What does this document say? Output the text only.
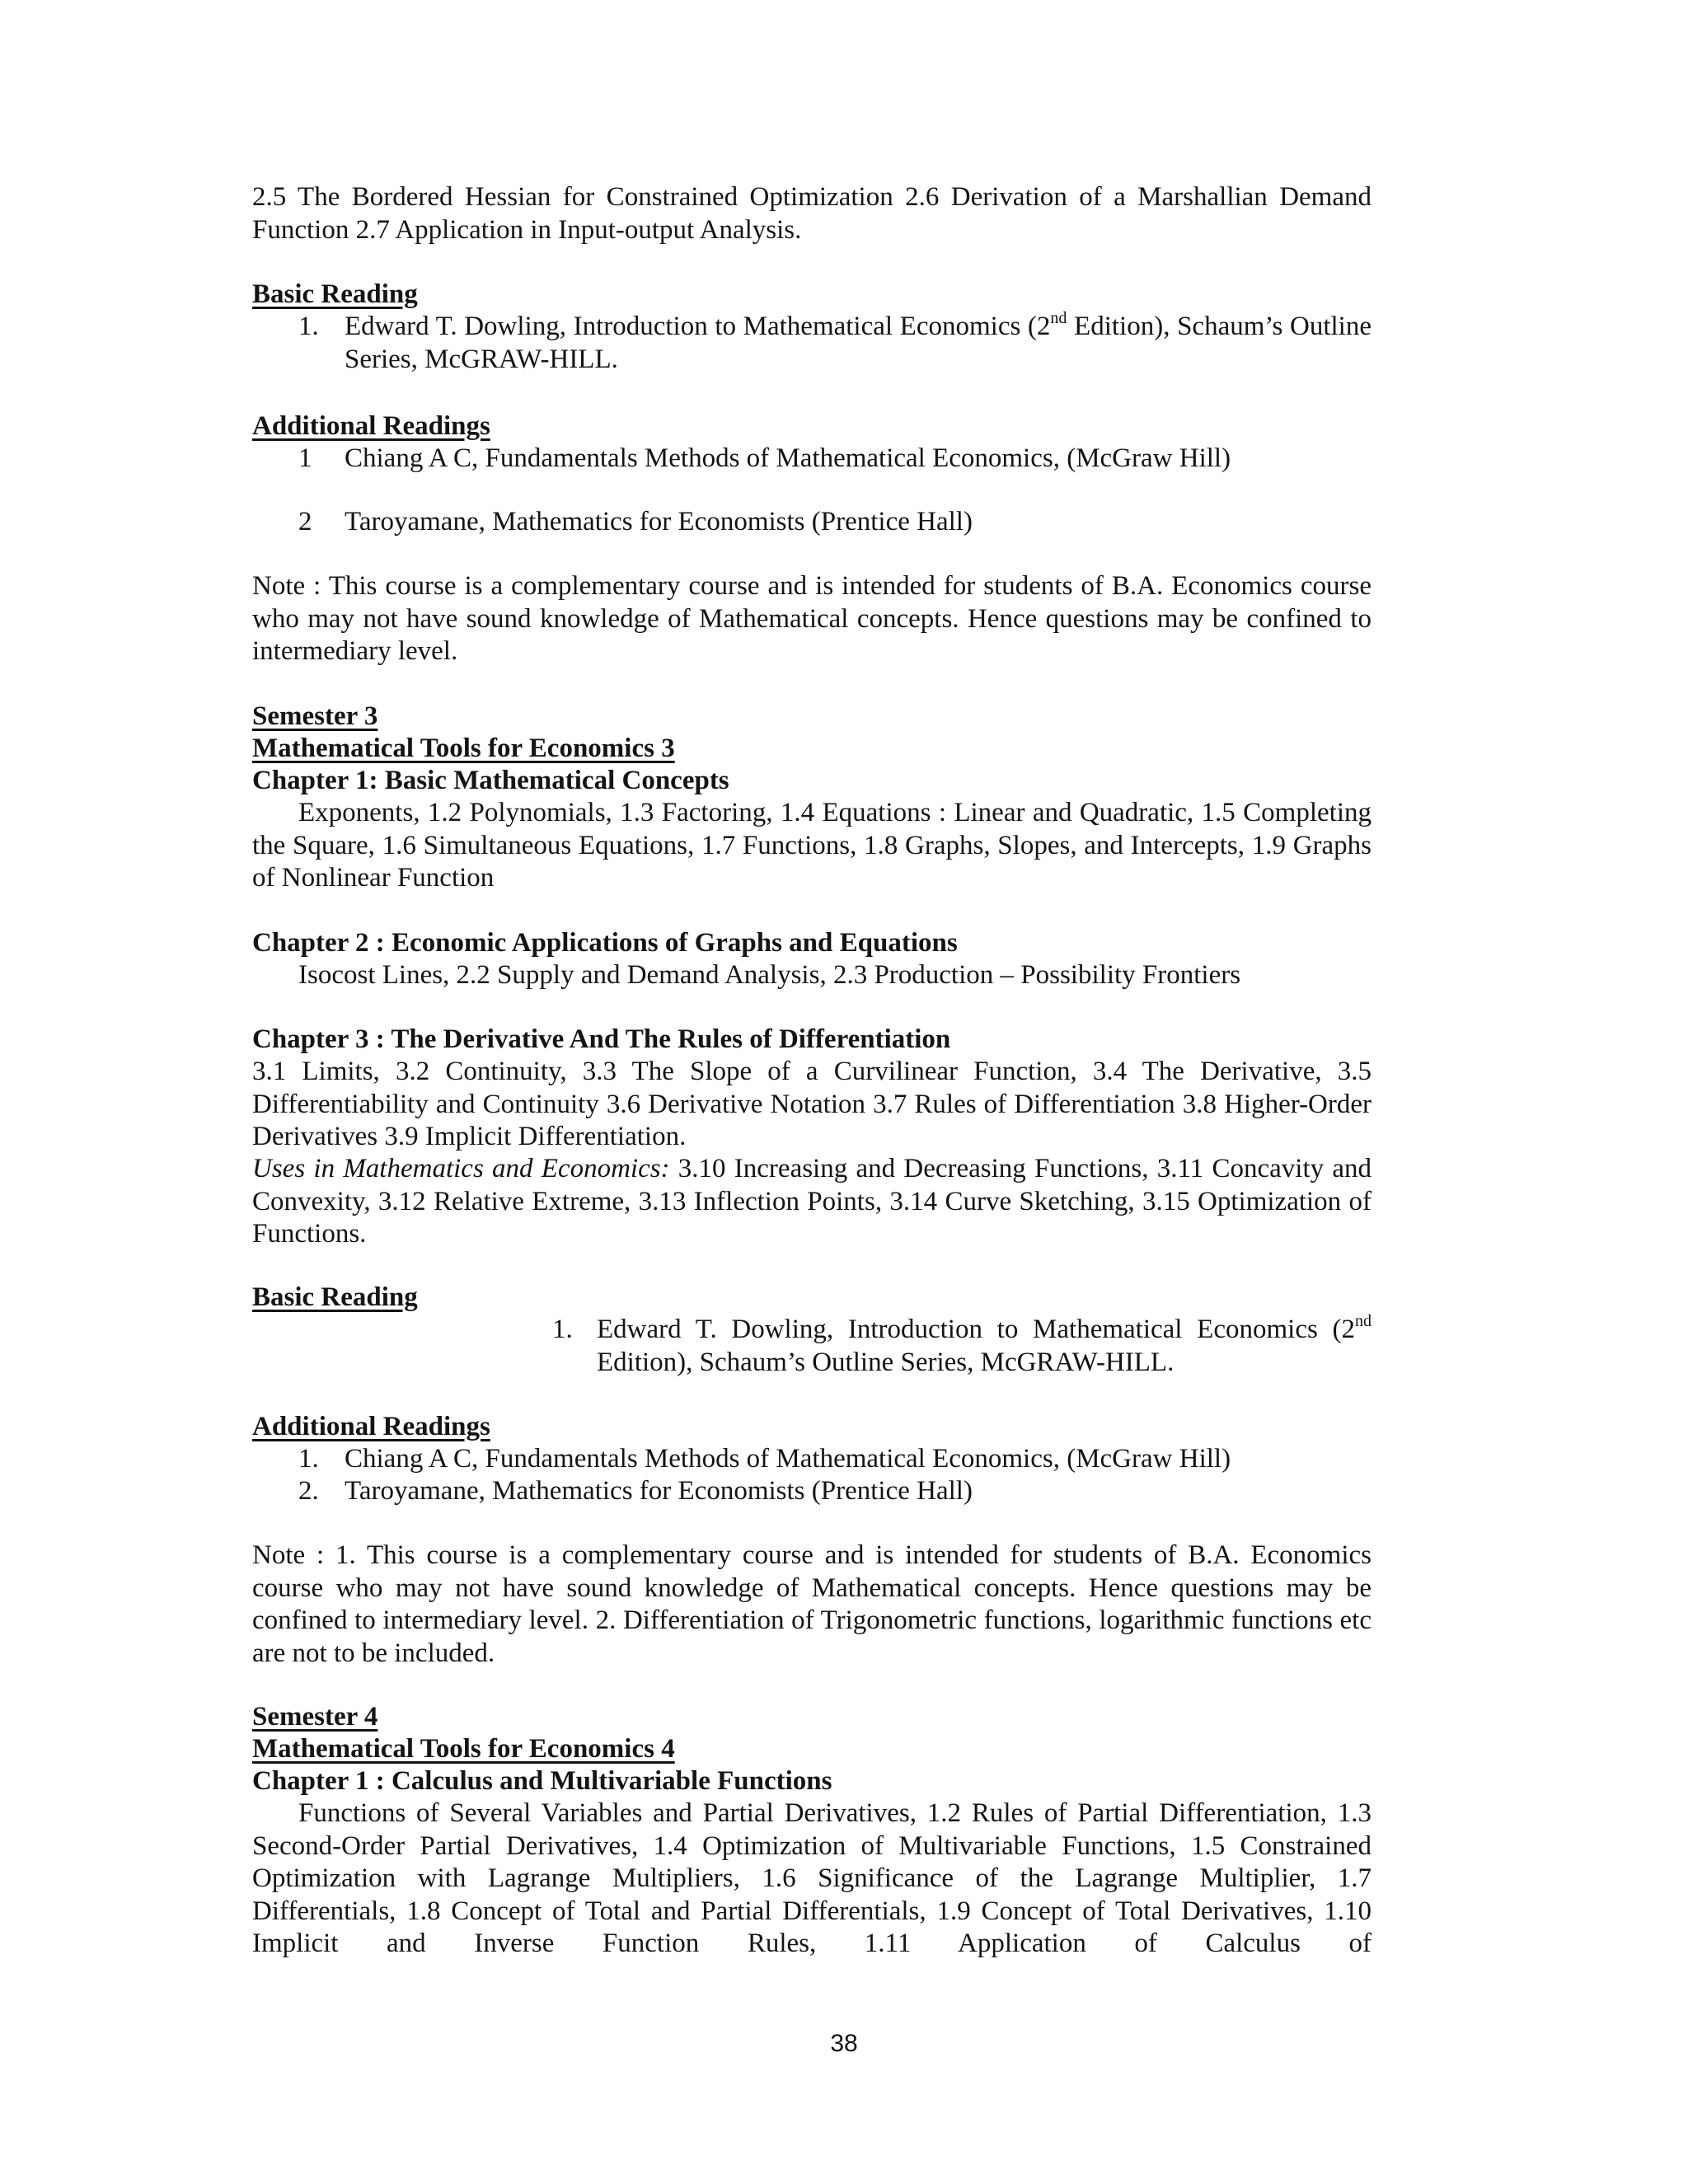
2.5 The Bordered Hessian for Constrained Optimization 2.6 Derivation of a Marshallian Demand Function 2.7 Application in Input-output Analysis.

Basic Reading

1. Edward T. Dowling, Introduction to Mathematical Economics (2nd Edition), Schaum’s Outline Series, McGRAW-HILL.

Additional Readings

1 Chiang A C, Fundamentals Methods of Mathematical Economics, (McGraw Hill)

2 Taroyamane, Mathematics for Economists (Prentice Hall)

Note : This course is a complementary course and is intended for students of B.A. Economics course who may not have sound knowledge of Mathematical concepts. Hence questions may be confined to intermediary level.

Semester 3

Mathematical Tools for Economics 3

Chapter 1: Basic Mathematical Concepts

Exponents, 1.2 Polynomials, 1.3 Factoring, 1.4 Equations : Linear and Quadratic, 1.5 Completing the Square, 1.6 Simultaneous Equations, 1.7 Functions, 1.8 Graphs, Slopes, and Intercepts, 1.9 Graphs of Nonlinear Function

Chapter 2 : Economic Applications of Graphs and Equations

Isocost Lines, 2.2 Supply and Demand Analysis, 2.3 Production – Possibility Frontiers

Chapter 3 : The Derivative And The Rules of Differentiation

3.1 Limits, 3.2 Continuity, 3.3 The Slope of a Curvilinear Function, 3.4 The Derivative, 3.5 Differentiability and Continuity 3.6 Derivative Notation 3.7 Rules of Differentiation 3.8 Higher-Order Derivatives 3.9 Implicit Differentiation.

Uses in Mathematics and Economics: 3.10 Increasing and Decreasing Functions, 3.11 Concavity and Convexity, 3.12 Relative Extreme, 3.13 Inflection Points, 3.14 Curve Sketching, 3.15 Optimization of Functions.

Basic Reading

1. Edward T. Dowling, Introduction to Mathematical Economics (2nd Edition), Schaum’s Outline Series, McGRAW-HILL.

Additional Readings

1. Chiang A C, Fundamentals Methods of Mathematical Economics, (McGraw Hill)

2. Taroyamane, Mathematics for Economists (Prentice Hall)

Note : 1. This course is a complementary course and is intended for students of B.A. Economics course who may not have sound knowledge of Mathematical concepts. Hence questions may be confined to intermediary level. 2. Differentiation of Trigonometric functions, logarithmic functions etc are not to be included.

Semester 4

Mathematical Tools for Economics 4

Chapter 1 : Calculus and Multivariable Functions

Functions of Several Variables and Partial Derivatives, 1.2 Rules of Partial Differentiation, 1.3 Second-Order Partial Derivatives, 1.4 Optimization of Multivariable Functions, 1.5 Constrained Optimization with Lagrange Multipliers, 1.6 Significance of the Lagrange Multiplier, 1.7 Differentials, 1.8 Concept of Total and Partial Differentials, 1.9 Concept of Total Derivatives, 1.10 Implicit and Inverse Function Rules, 1.11 Application of Calculus of

38
